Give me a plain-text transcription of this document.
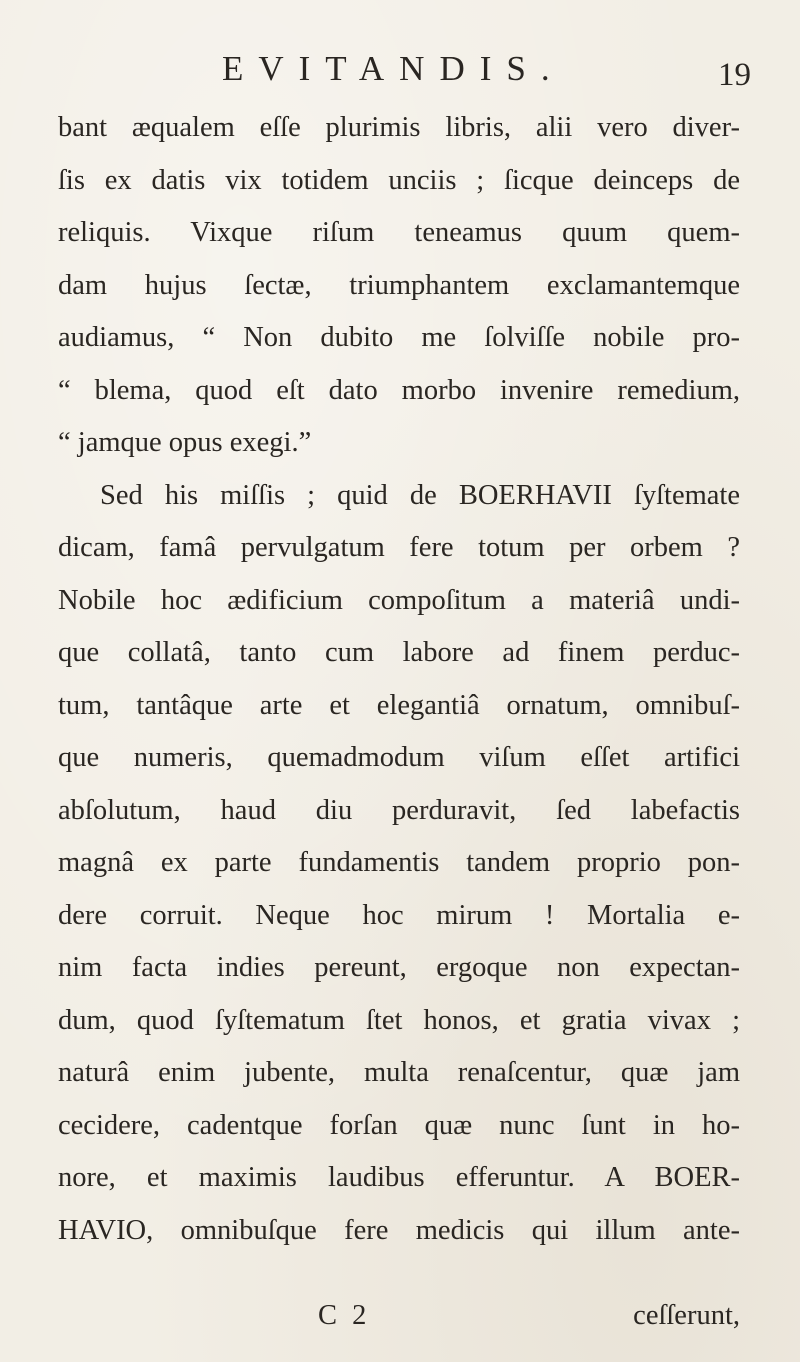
EVITANDIS.	19
bant æqualem eſſe plurimis libris, alii vero diver-
ſis ex datis vix totidem unciis ; ſicque deinceps de
reliquis. Vixque riſum teneamus quum quem-
dam hujus ſectæ, triumphantem exclamantemque
audiamus, “ Non dubito me ſolviſſe nobile pro-
“ blema, quod eſt dato morbo invenire remedium,
“ jamque opus exegi.”
Sed his miſſis ; quid de BOERHAVII ſyſtemate
dicam, famâ pervulgatum fere totum per orbem ?
Nobile hoc ædificium compoſitum a materiâ undi-
que collatâ, tanto cum labore ad finem perduc-
tum, tantâque arte et elegantiâ ornatum, omnibuſ-
que numeris, quemadmodum viſum eſſet artifici
abſolutum, haud diu perduravit, ſed labefactis
magnâ ex parte fundamentis tandem proprio pon-
dere corruit. Neque hoc mirum ! Mortalia e-
nim facta indies pereunt, ergoque non expectan-
dum, quod ſyſtematum ſtet honos, et gratia vivax ;
naturâ enim jubente, multa renaſcentur, quæ jam
cecidere, cadentque forſan quæ nunc ſunt in ho-
nore, et maximis laudibus efferuntur. A BOER-
HAVIO, omnibuſque fere medicis qui illum ante-
C 2	ceſſerunt,
